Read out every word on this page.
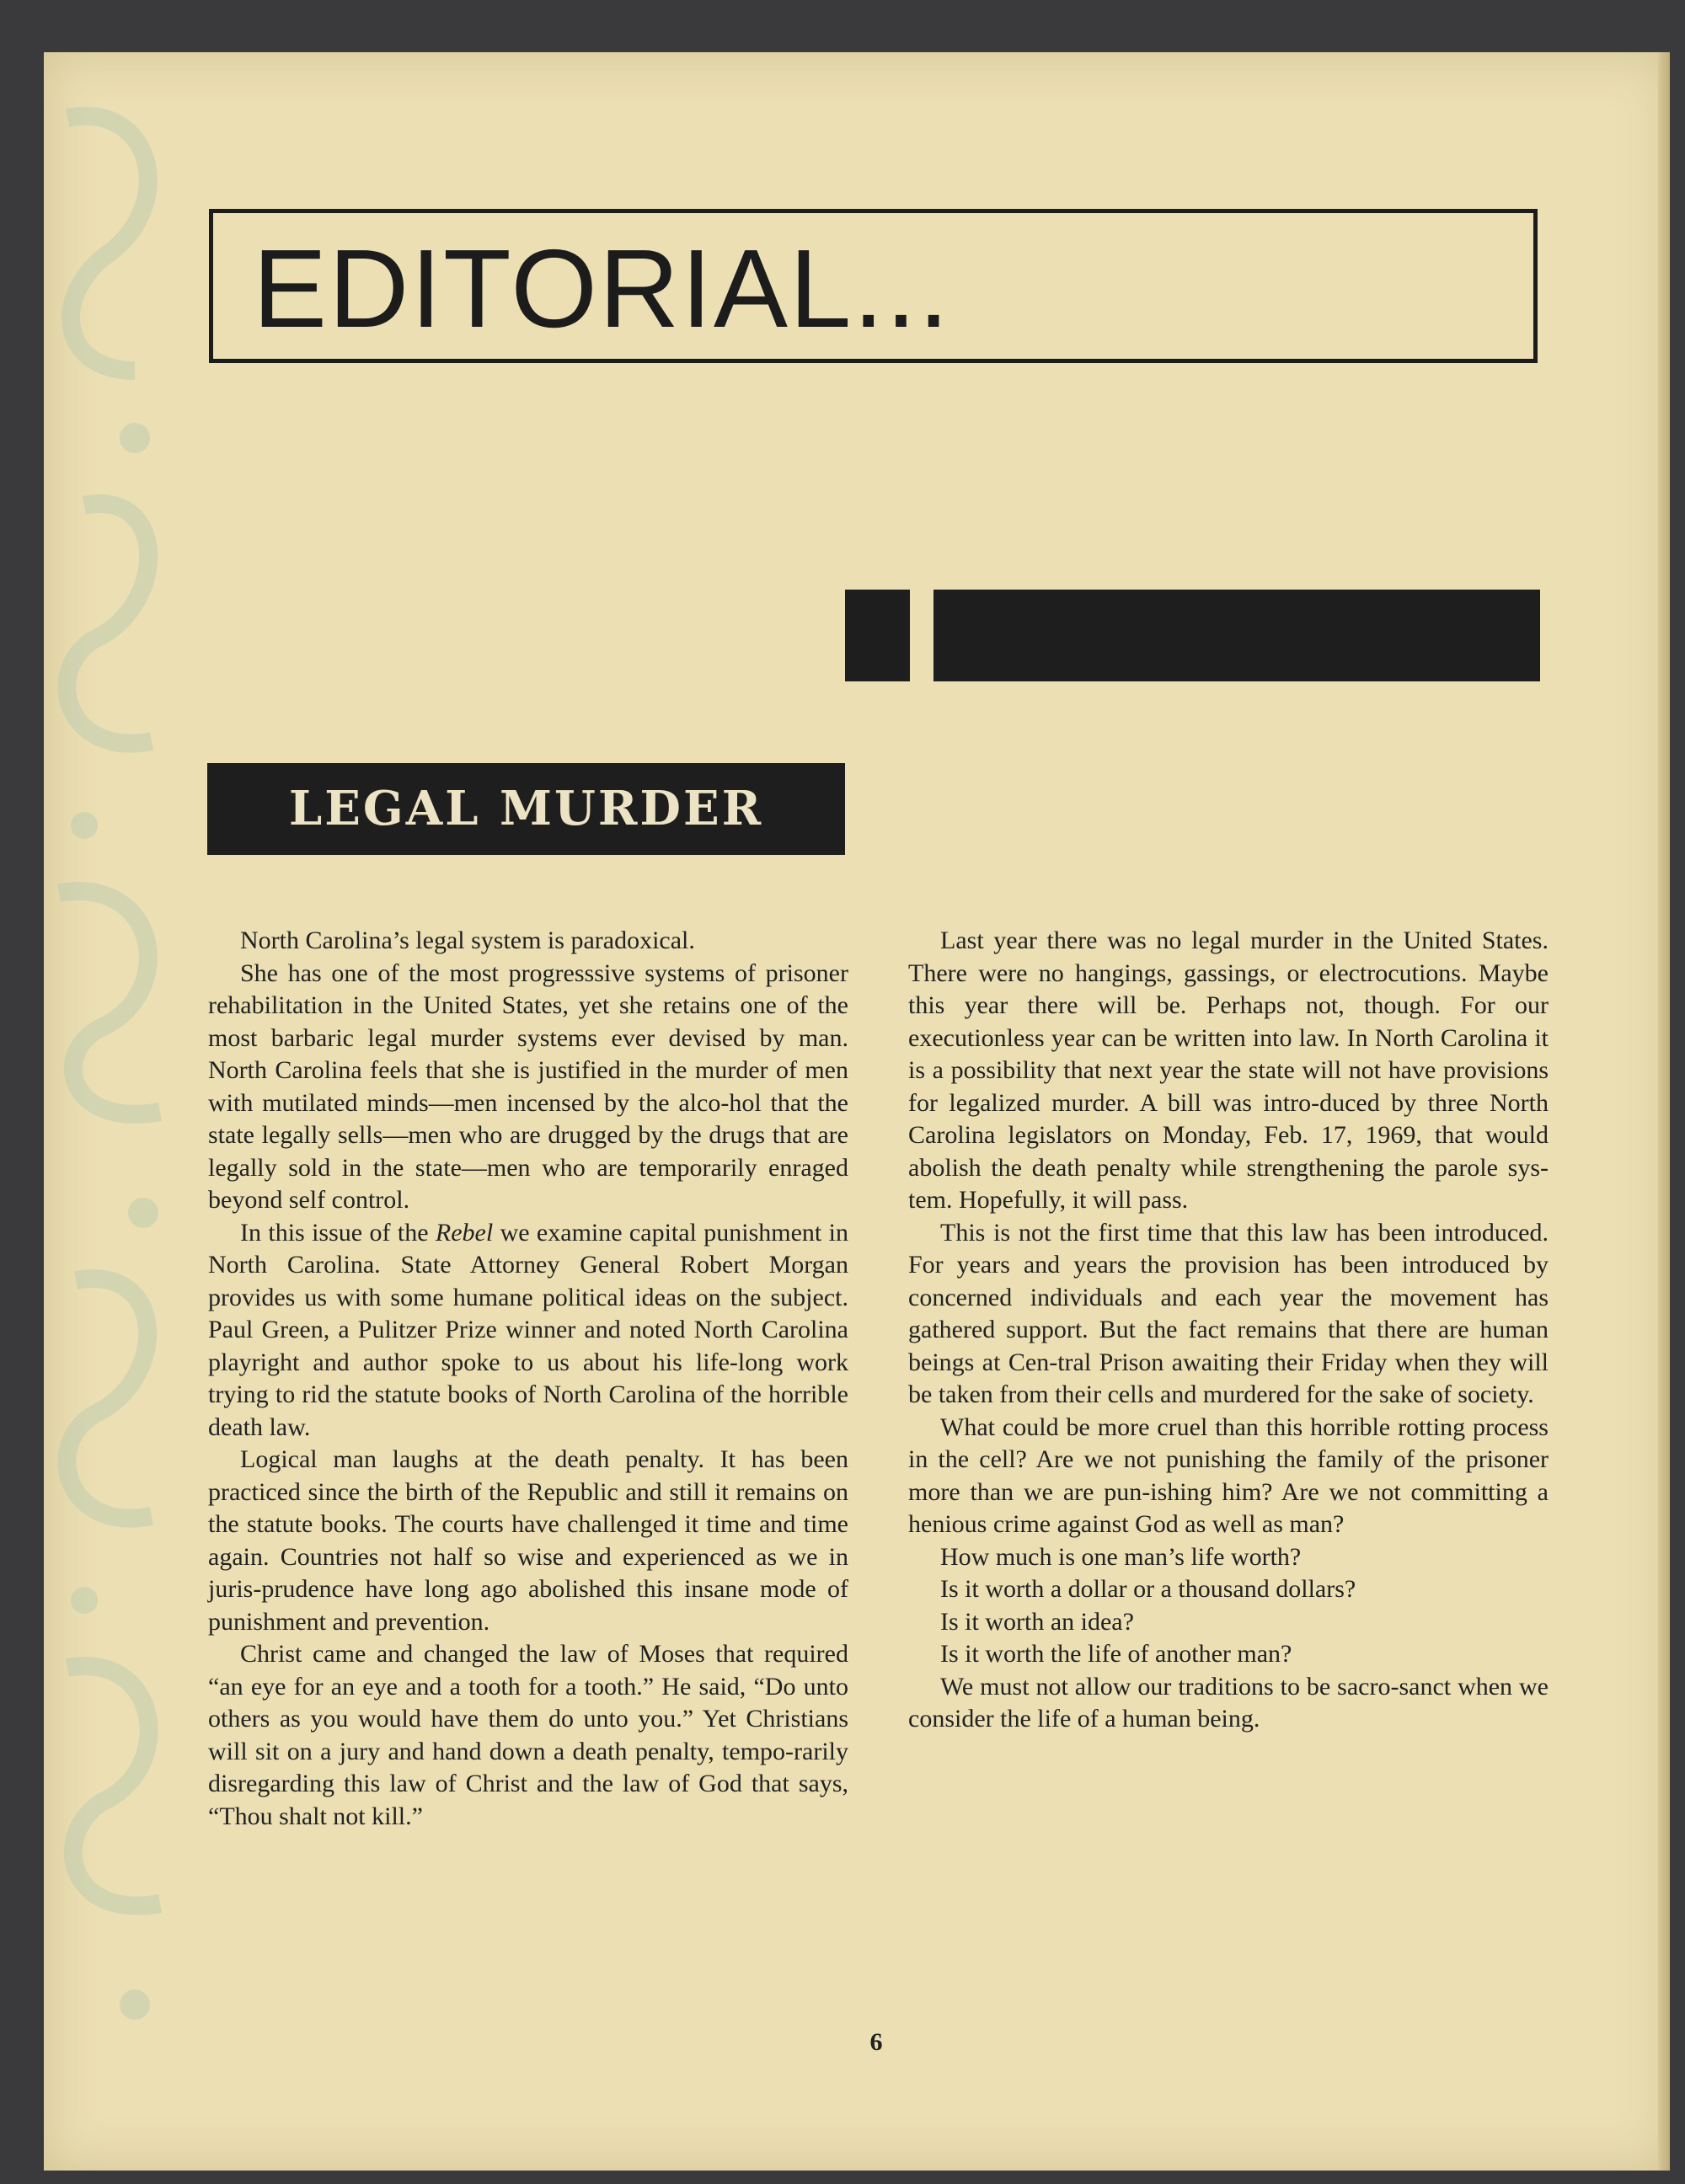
EDITORIAL...
LEGAL MURDER

North Carolina’s legal system is paradoxical.

She has one of the most progresssive systems of prisoner rehabilitation in the United States, yet she retains one of the most barbaric legal murder systems ever devised by man. North Carolina feels that she is justified in the murder of men with mutilated minds—men incensed by the alco-hol that the state legally sells—men who are drugged by the drugs that are legally sold in the state—men who are temporarily enraged beyond self control.

In this issue of the Rebel we examine capital punishment in North Carolina. State Attorney General Robert Morgan provides us with some humane political ideas on the subject. Paul Green, a Pulitzer Prize winner and noted North Carolina playright and author spoke to us about his life-long work trying to rid the statute books of North Carolina of the horrible death law.

Logical man laughs at the death penalty. It has been practiced since the birth of the Republic and still it remains on the statute books. The courts have challenged it time and time again. Countries not half so wise and experienced as we in juris-prudence have long ago abolished this insane mode of punishment and prevention.

Christ came and changed the law of Moses that required “an eye for an eye and a tooth for a tooth.” He said, “Do unto others as you would have them do unto you.” Yet Christians will sit on a jury and hand down a death penalty, tempo-rarily disregarding this law of Christ and the law of God that says, “Thou shalt not kill.”

Last year there was no legal murder in the United States. There were no hangings, gassings, or electrocutions. Maybe this year there will be. Perhaps not, though. For our executionless year can be written into law. In North Carolina it is a possibility that next year the state will not have provisions for legalized murder. A bill was intro-duced by three North Carolina legislators on Monday, Feb. 17, 1969, that would abolish the death penalty while strengthening the parole sys-tem. Hopefully, it will pass.

This is not the first time that this law has been introduced. For years and years the provision has been introduced by concerned individuals and each year the movement has gathered support. But the fact remains that there are human beings at Cen-tral Prison awaiting their Friday when they will be taken from their cells and murdered for the sake of society.

What could be more cruel than this horrible rotting process in the cell? Are we not punishing the family of the prisoner more than we are pun-ishing him? Are we not committing a henious crime against God as well as man?

How much is one man’s life worth?

Is it worth a dollar or a thousand dollars?

Is it worth an idea?

Is it worth the life of another man?

We must not allow our traditions to be sacro-sanct when we consider the life of a human being.

6
